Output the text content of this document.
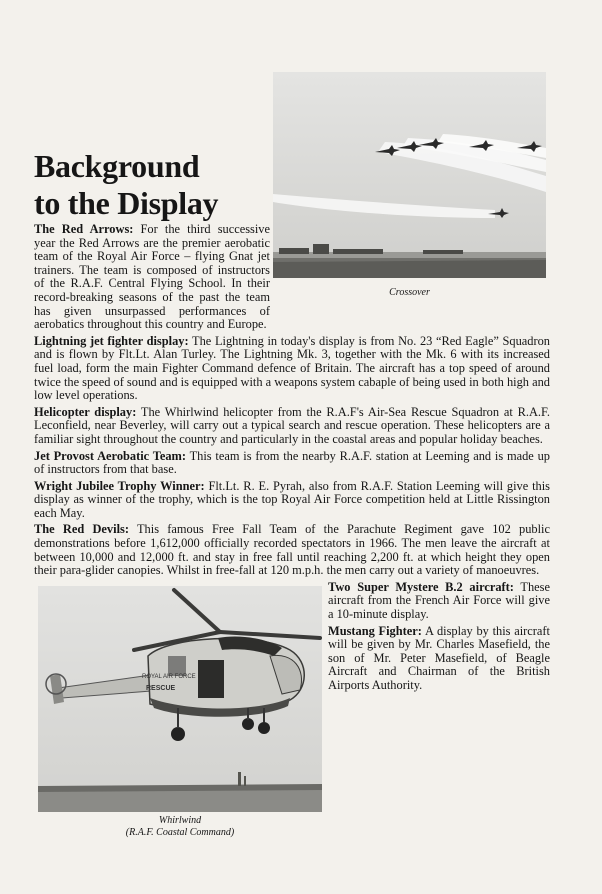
Background
to the Display
Crossover
ROYAL AIR FORCE
RESCUE
Whirlwind
(R.A.F. Coastal Command)

The Red Arrows: For the third successive year the Red Arrows are the premier aerobatic team of the Royal Air Force – flying Gnat jet trainers. The team is composed of instructors of the R.A.F. Central Flying School. In their record-breaking seasons of the past the team has given unsurpassed performances of aerobatics throughout this country and Europe.

Lightning jet fighter display: The Lightning in today's display is from No. 23 “Red Eagle” Squadron and is flown by Flt.Lt. Alan Turley. The Lightning Mk. 3, together with the Mk. 6 with its increased fuel load, form the main Fighter Command defence of Britain. The aircraft has a top speed of around twice the speed of sound and is equipped with a weapons system cabaple of being used in both high and low level operations.

Helicopter display: The Whirlwind helicopter from the R.A.F's Air-Sea Rescue Squadron at R.A.F. Leconfield, near Beverley, will carry out a typical search and rescue operation. These helicopters are a familiar sight throughout the country and particularly in the coastal areas and popular holiday beaches.

Jet Provost Aerobatic Team: This team is from the nearby R.A.F. station at Leeming and is made up of instructors from that base.

Wright Jubilee Trophy Winner: Flt.Lt. R. E. Pyrah, also from R.A.F. Station Leeming will give this display as winner of the trophy, which is the top Royal Air Force competition held at Little Rissington each May.

The Red Devils: This famous Free Fall Team of the Parachute Regiment gave 102 public demonstrations before 1,612,000 officially recorded spectators in 1966. The men leave the aircraft at between 10,000 and 12,000 ft. and stay in free fall until reaching 2,200 ft. at which height they open their para-glider canopies. Whilst in free-fall at 120 m.p.h. the men carry out a variety of manoeuvres.

Two Super Mystere B.2 aircraft: These aircraft from the French Air Force will give a 10-minute display.

Mustang Fighter: A display by this aircraft will be given by Mr. Charles Masefield, the son of Mr. Peter Masefield, of Beagle Aircraft and Chairman of the British Airports Authority.
